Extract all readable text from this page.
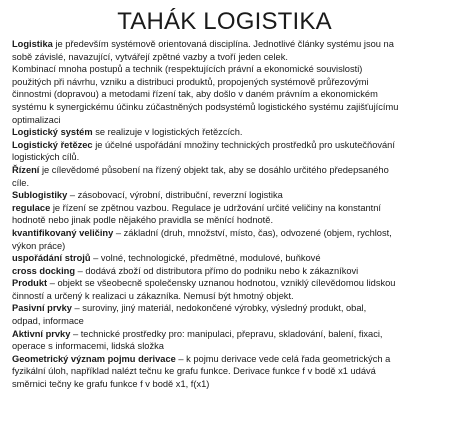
TAHÁK LOGISTIKA
Logistika je především systémově orientovaná disciplína. Jednotlivé články systému jsou na
sobě závislé, navazující, vytvářejí zpětné vazby a tvoří jeden celek.
Kombinací mnoha postupů a technik (respektujících právní a ekonomické souvislosti)
použitých při návrhu, vzniku a distribuci produktů, propojených systémově průřezovými
činnostmi (dopravou) a metodami řízení tak, aby došlo v daném právním a ekonomickém
systému k synergickému účinku zúčastněných podsystémů logistického systému zajišťujícímu
optimalizaci
Logistický systém se realizuje v logistických řetězcích.
Logistický řetězec je účelné uspořádání množiny technických prostředků pro uskutečňování
logistických cílů.
Řízení je cílevědomé působení na řízený objekt tak, aby se dosáhlo určitého předepsaného
cíle.
Sublogistiky – zásobovací, výrobní, distribuční, reverzní logistika
regulace je řízení se zpětnou vazbou. Regulace je udržování určité veličiny na konstantní
hodnotě nebo jinak podle nějakého pravidla se měnící hodnotě.
kvantifikovaný veličiny – základní (druh, množství, místo, čas), odvozené (objem, rychlost,
výkon práce)
uspořádání strojů – volné, technologické, předmětné, modulové, buňkové
cross docking – dodává zboží od distributora přímo do podniku nebo k zákazníkovi
Produkt – objekt se všeobecně společensky uznanou hodnotou, vzniklý cílevědomou lidskou
činností a určený k realizaci u zákazníka. Nemusí být hmotný objekt.
Pasivní prvky – suroviny, jiný materiál, nedokončené výrobky, výsledný produkt, obal,
odpad, informace
Aktivní prvky – technické prostředky pro: manipulaci, přepravu, skladování, balení, fixaci,
operace s informacemi, lidská složka
Geometrický význam pojmu derivace – k pojmu derivace vede celá řada geometrických a
fyzikální úloh, například nalézt tečnu ke grafu funkce. Derivace funkce f v bodě x1 udává
směrnici tečny ke grafu funkce f v bodě x1, f(x1)
